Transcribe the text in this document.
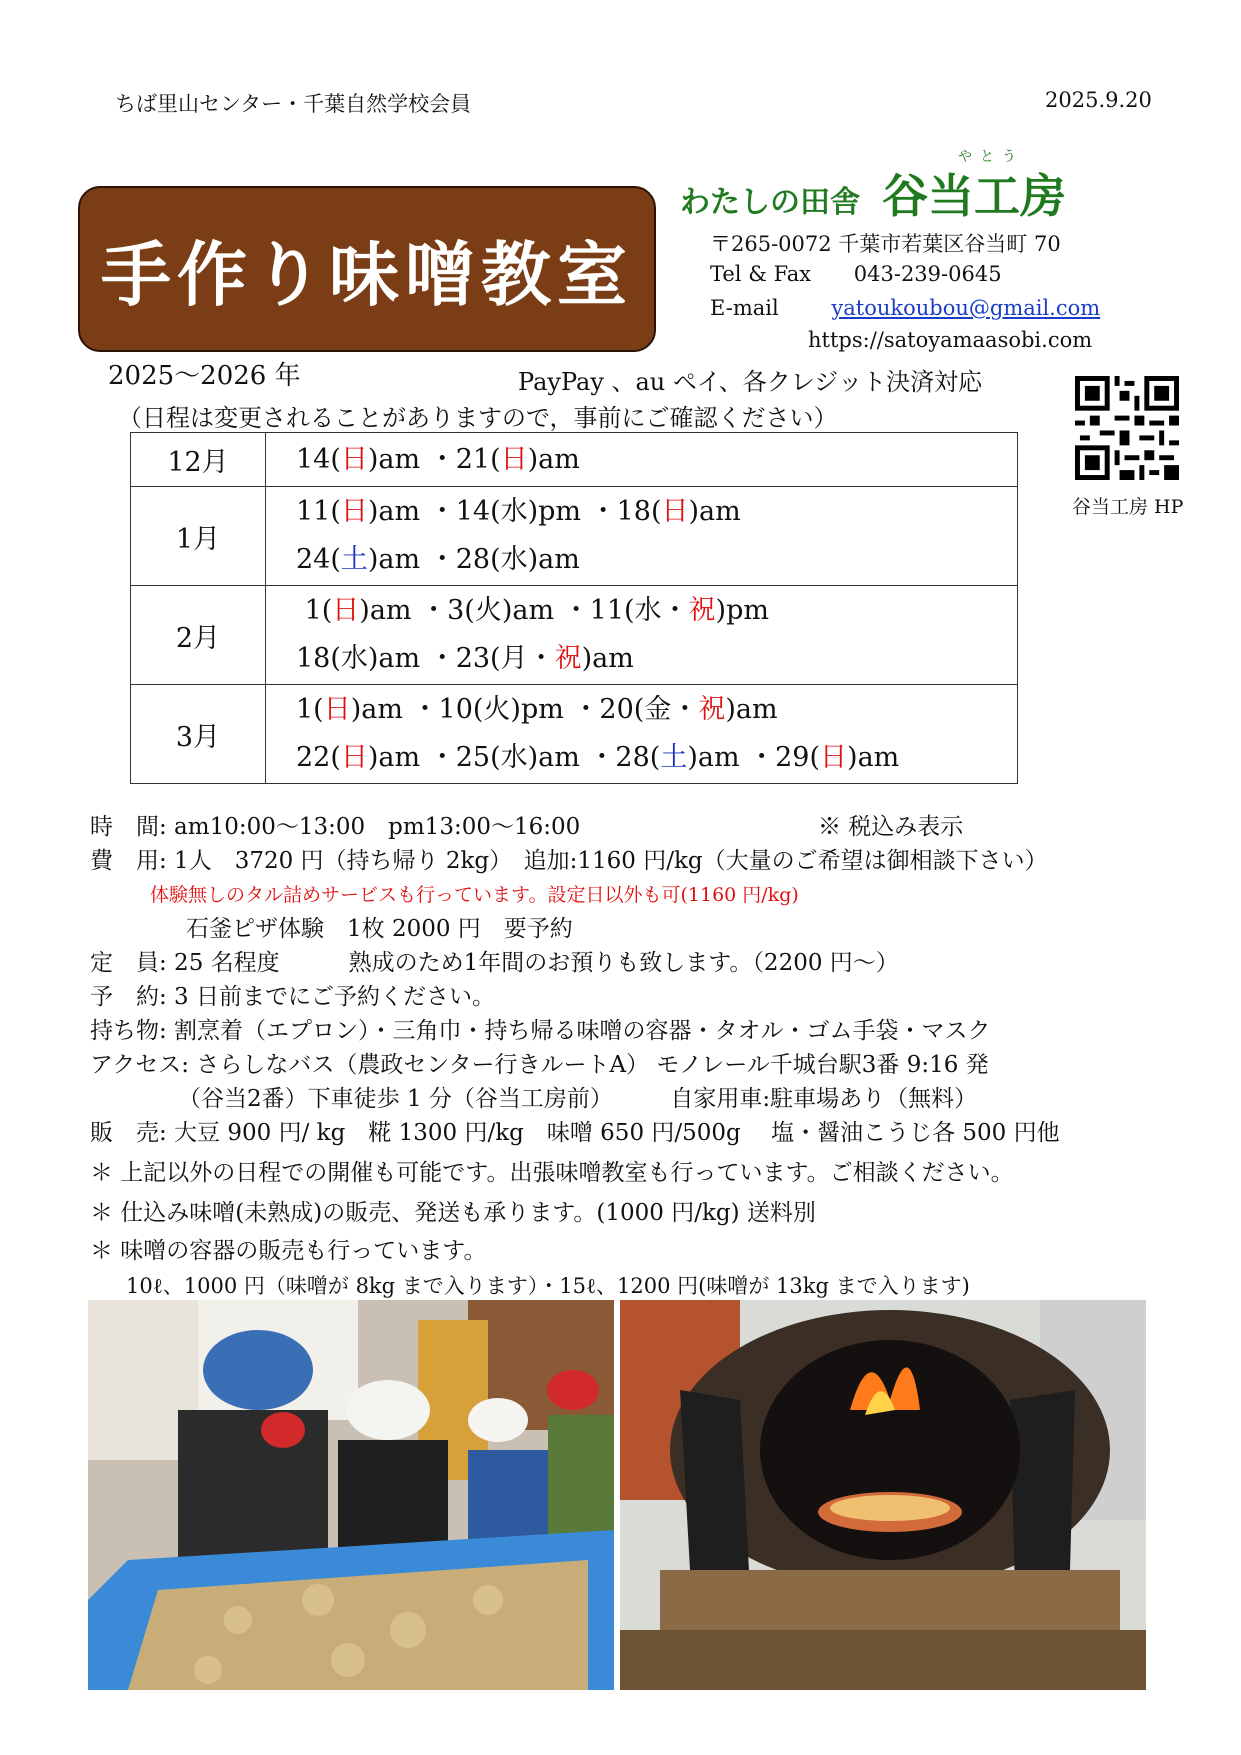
ちば里山センター・千葉自然学校会員	2025.9.20
手作り味噌教室
やとう
わたしの田舎 谷当工房
〒265-0072 千葉市若葉区谷当町 70
Tel & Fax 043-239-0645
E-mail	yatoukoubou@gmail.com
https://satoyamaasobi.com
谷当工房 HP
2025～2026 年	PayPay 、au ペイ、各クレジット決済対応
（日程は変更されることがありますので，事前にご確認ください）
12月	14(日)am ・21(日)am

1月	11(日)am ・14(水)pm ・18(日)am
24(土)am ・28(水)am

2月	1(日)am ・3(火)am ・11(水・祝)pm
18(水)am ・23(月・祝)am

3月	1(日)am ・10(火)pm ・20(金・祝)am
22(日)am ・25(水)am ・28(土)am ・29(日)am
時　間: am10:00～13:00　pm13:00～16:00	※ 税込み表示
費　用: 1人　3720 円（持ち帰り 2kg）　追加:1160 円/kg（大量のご希望は御相談下さい）
体験無しのタル詰めサービスも行っています。設定日以外も可(1160 円/kg)
石釜ピザ体験　1枚 2000 円　要予約
定　員: 25 名程度　　　熟成のため1年間のお預りも致します。（2200 円～）
予　約: 3 日前までにご予約ください。
持ち物: 割烹着（エプロン）・三角巾・持ち帰る味噌の容器・タオル・ゴム手袋・マスク
アクセス: さらしなバス（農政センター行きルートA） モノレール千城台駅3番 9:16 発
（谷当2番）下車徒歩 1 分（谷当工房前）　　　自家用車:駐車場あり（無料）
販　売: 大豆 900 円/ kg　糀 1300 円/kg　味噌 650 円/500g　 塩・醤油こうじ各 500 円他
＊ 上記以外の日程での開催も可能です。出張味噌教室も行っています。ご相談ください。
＊ 仕込み味噌(未熟成)の販売、発送も承ります。(1000 円/kg) 送料別
＊ 味噌の容器の販売も行っています。
10ℓ、1000 円（味噌が 8kg まで入ります）・15ℓ、1200 円(味噌が 13kg まで入ります)
